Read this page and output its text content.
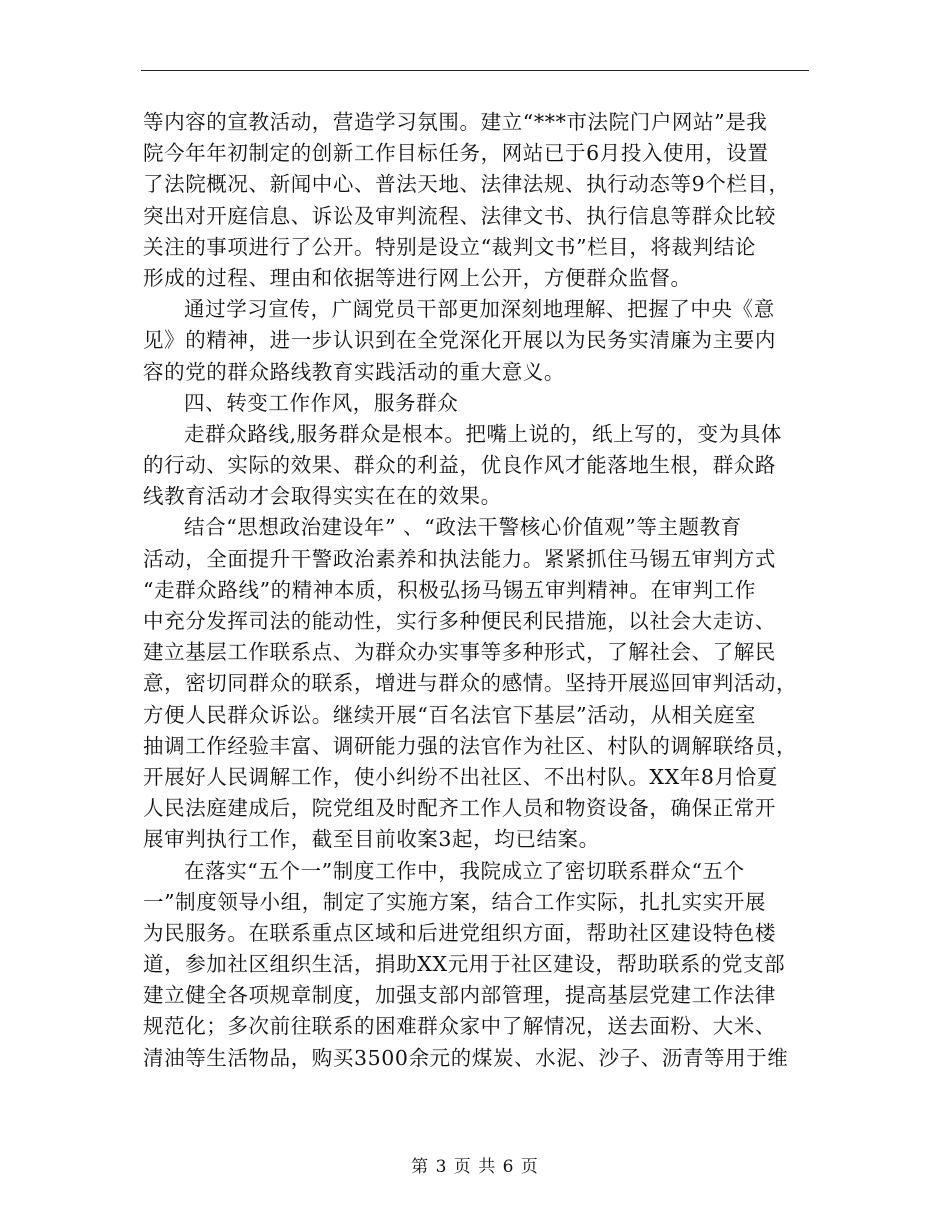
等内容的宣教活动，营造学习氛围。建立“***市法院门户网站”是我
院今年年初制定的创新工作目标任务，网站已于6月投入使用，设置
了法院概况、新闻中心、普法天地、法律法规、执行动态等9个栏目，
突出对开庭信息、诉讼及审判流程、法律文书、执行信息等群众比较
关注的事项进行了公开。特别是设立“裁判文书”栏目，将裁判结论
形成的过程、理由和依据等进行网上公开，方便群众监督。
通过学习宣传，广阔党员干部更加深刻地理解、把握了中央《意
见》的精神，进一步认识到在全党深化开展以为民务实清廉为主要内
容的党的群众路线教育实践活动的重大意义。
四、转变工作作风，服务群众
走群众路线,服务群众是根本。把嘴上说的，纸上写的，变为具体
的行动、实际的效果、群众的利益，优良作风才能落地生根，群众路
线教育活动才会取得实实在在的效果。
结合“思想政治建设年” 、“政法干警核心价值观”等主题教育
活动，全面提升干警政治素养和执法能力。紧紧抓住马锡五审判方式
“走群众路线”的精神本质，积极弘扬马锡五审判精神。在审判工作
中充分发挥司法的能动性，实行多种便民利民措施，以社会大走访、
建立基层工作联系点、为群众办实事等多种形式，了解社会、了解民
意，密切同群众的联系，增进与群众的感情。坚持开展巡回审判活动，
方便人民群众诉讼。继续开展“百名法官下基层”活动，从相关庭室
抽调工作经验丰富、调研能力强的法官作为社区、村队的调解联络员，
开展好人民调解工作，使小纠纷不出社区、不出村队。XX年8月恰夏
人民法庭建成后，院党组及时配齐工作人员和物资设备，确保正常开
展审判执行工作，截至目前收案3起，均已结案。
在落实“五个一”制度工作中，我院成立了密切联系群众“五个
一”制度领导小组，制定了实施方案，结合工作实际，扎扎实实开展
为民服务。在联系重点区域和后进党组织方面，帮助社区建设特色楼
道，参加社区组织生活，捐助XX元用于社区建设，帮助联系的党支部
建立健全各项规章制度，加强支部内部管理，提高基层党建工作法律
规范化；多次前往联系的困难群众家中了解情况，送去面粉、大米、
清油等生活物品，购买3500余元的煤炭、水泥、沙子、沥青等用于维
第 3 页 共 6 页
